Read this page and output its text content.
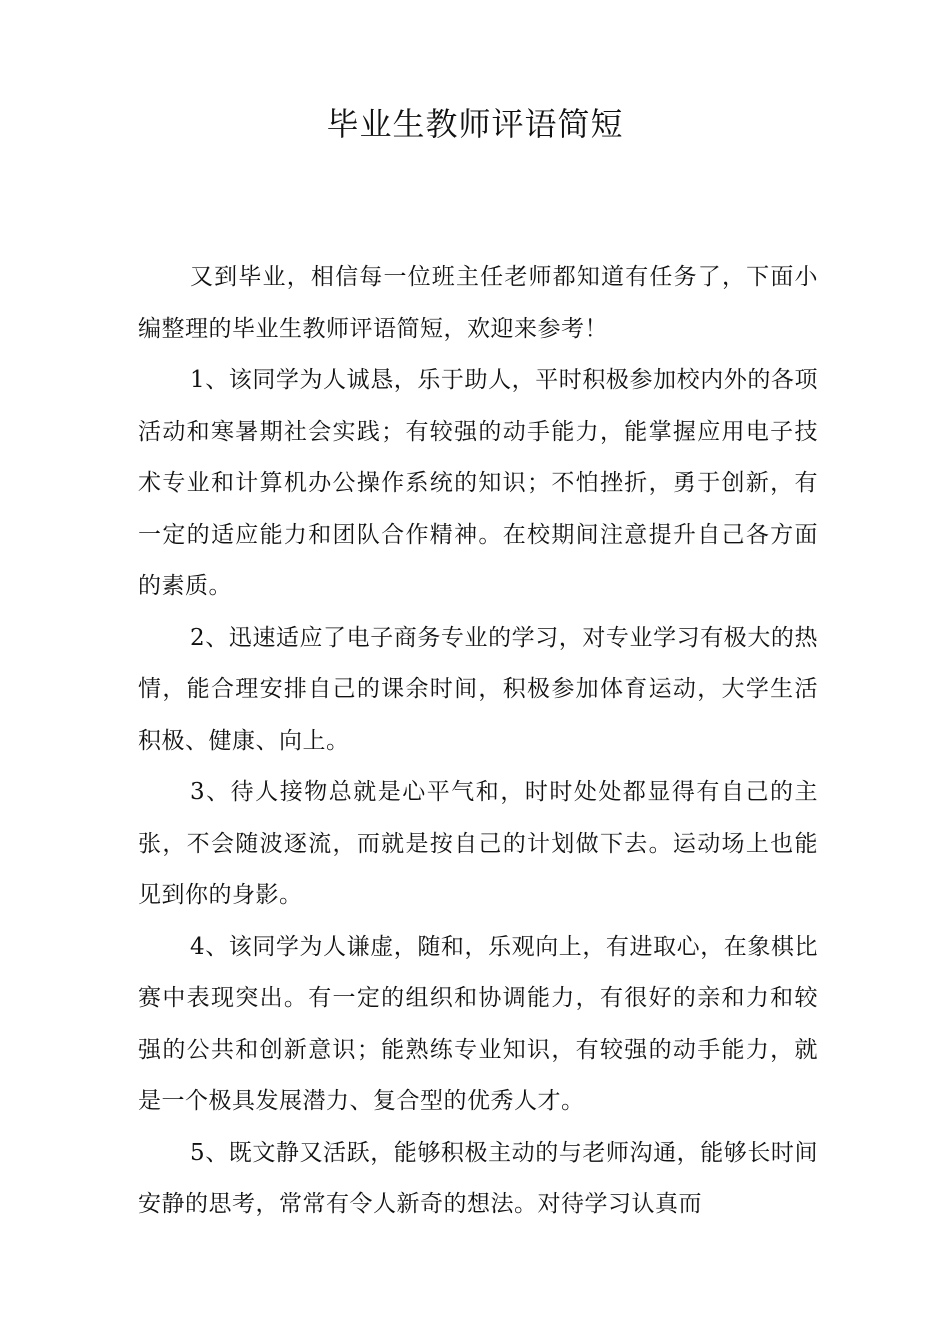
毕业生教师评语简短

又到毕业，相信每一位班主任老师都知道有任务了，下面小编整理的毕业生教师评语简短，欢迎来参考！

1、该同学为人诚恳，乐于助人，平时积极参加校内外的各项活动和寒暑期社会实践；有较强的动手能力，能掌握应用电子技术专业和计算机办公操作系统的知识；不怕挫折，勇于创新，有一定的适应能力和团队合作精神。在校期间注意提升自己各方面的素质。

2、迅速适应了电子商务专业的学习，对专业学习有极大的热情，能合理安排自己的课余时间，积极参加体育运动，大学生活积极、健康、向上。

3、待人接物总就是心平气和，时时处处都显得有自己的主张，不会随波逐流，而就是按自己的计划做下去。运动场上也能见到你的身影。

4、该同学为人谦虚，随和，乐观向上，有进取心，在象棋比赛中表现突出。有一定的组织和协调能力，有很好的亲和力和较强的公共和创新意识；能熟练专业知识，有较强的动手能力，就是一个极具发展潜力、复合型的优秀人才。

5、既文静又活跃，能够积极主动的与老师沟通，能够长时间安静的思考，常常有令人新奇的想法。对待学习认真而
